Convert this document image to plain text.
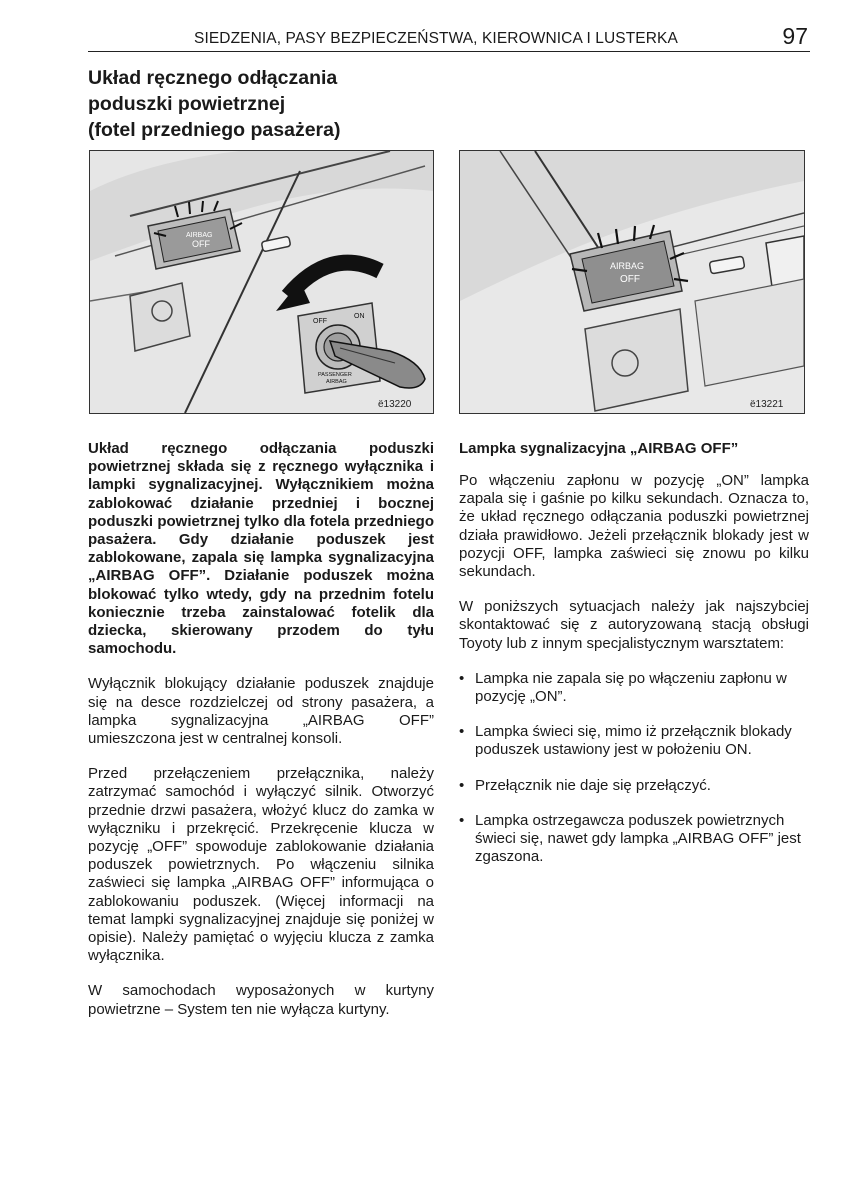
SIEDZENIA, PASY BEZPIECZEŃSTWA, KIEROWNICA I LUSTERKA	97
Układ ręcznego odłączania
poduszki powietrznej
(fotel przedniego pasażera)
AIRBAG
OFF
OFF
ON
PASSENGER
AIRBAG
ё13220
AIRBAG
OFF
ё13221

Układ ręcznego odłączania poduszki powietrznej składa się z ręcznego wyłącznika i lampki sygnalizacyjnej. Wyłącznikiem można zablokować działanie przedniej i bocznej poduszki powietrznej tylko dla fotela przedniego pasażera. Gdy działanie poduszek jest zablokowane, zapala się lampka sygnalizacyjna „AIRBAG OFF”. Działanie poduszek można blokować tylko wtedy, gdy na przednim fotelu koniecznie trzeba zainstalować fotelik dla dziecka, skierowany przodem do tyłu samochodu.

Wyłącznik blokujący działanie poduszek znajduje się na desce rozdzielczej od strony pasażera, a lampka sygnalizacyjna „AIRBAG OFF” umieszczona jest w centralnej konsoli.

Przed przełączeniem przełącznika, należy zatrzymać samochód i wyłączyć silnik. Otworzyć przednie drzwi pasażera, włożyć klucz do zamka w wyłączniku i przekręcić. Przekręcenie klucza w pozycję „OFF” spowoduje zablokowanie działania poduszek powietrznych. Po włączeniu silnika zaświeci się lampka „AIRBAG OFF” informująca o zablokowaniu poduszek. (Więcej informacji na temat lampki sygnalizacyjnej znajduje się poniżej w opisie). Należy pamiętać o wyjęciu klucza z zamka wyłącznika.

W samochodach wyposażonych w kurtyny powietrzne – System ten nie wyłącza kurtyny.

Lampka sygnalizacyjna „AIRBAG OFF”

Po włączeniu zapłonu w pozycję „ON” lampka zapala się i gaśnie po kilku sekundach. Oznacza to, że układ ręcznego odłączania poduszki powietrznej działa prawidłowo. Jeżeli przełącznik blokady jest w pozycji OFF, lampka zaświeci się znowu po kilku sekundach.

W poniższych sytuacjach należy jak najszybciej skontaktować się z autoryzowaną stacją obsługi Toyoty lub z innym specjalistycznym warsztatem:

• Lampka nie zapala się po włączeniu zapłonu w pozycję „ON”.
• Lampka świeci się, mimo iż przełącznik blokady poduszek ustawiony jest w położeniu ON.
• Przełącznik nie daje się przełączyć.
• Lampka ostrzegawcza poduszek powietrznych świeci się, nawet gdy lampka „AIRBAG OFF” jest zgaszona.
